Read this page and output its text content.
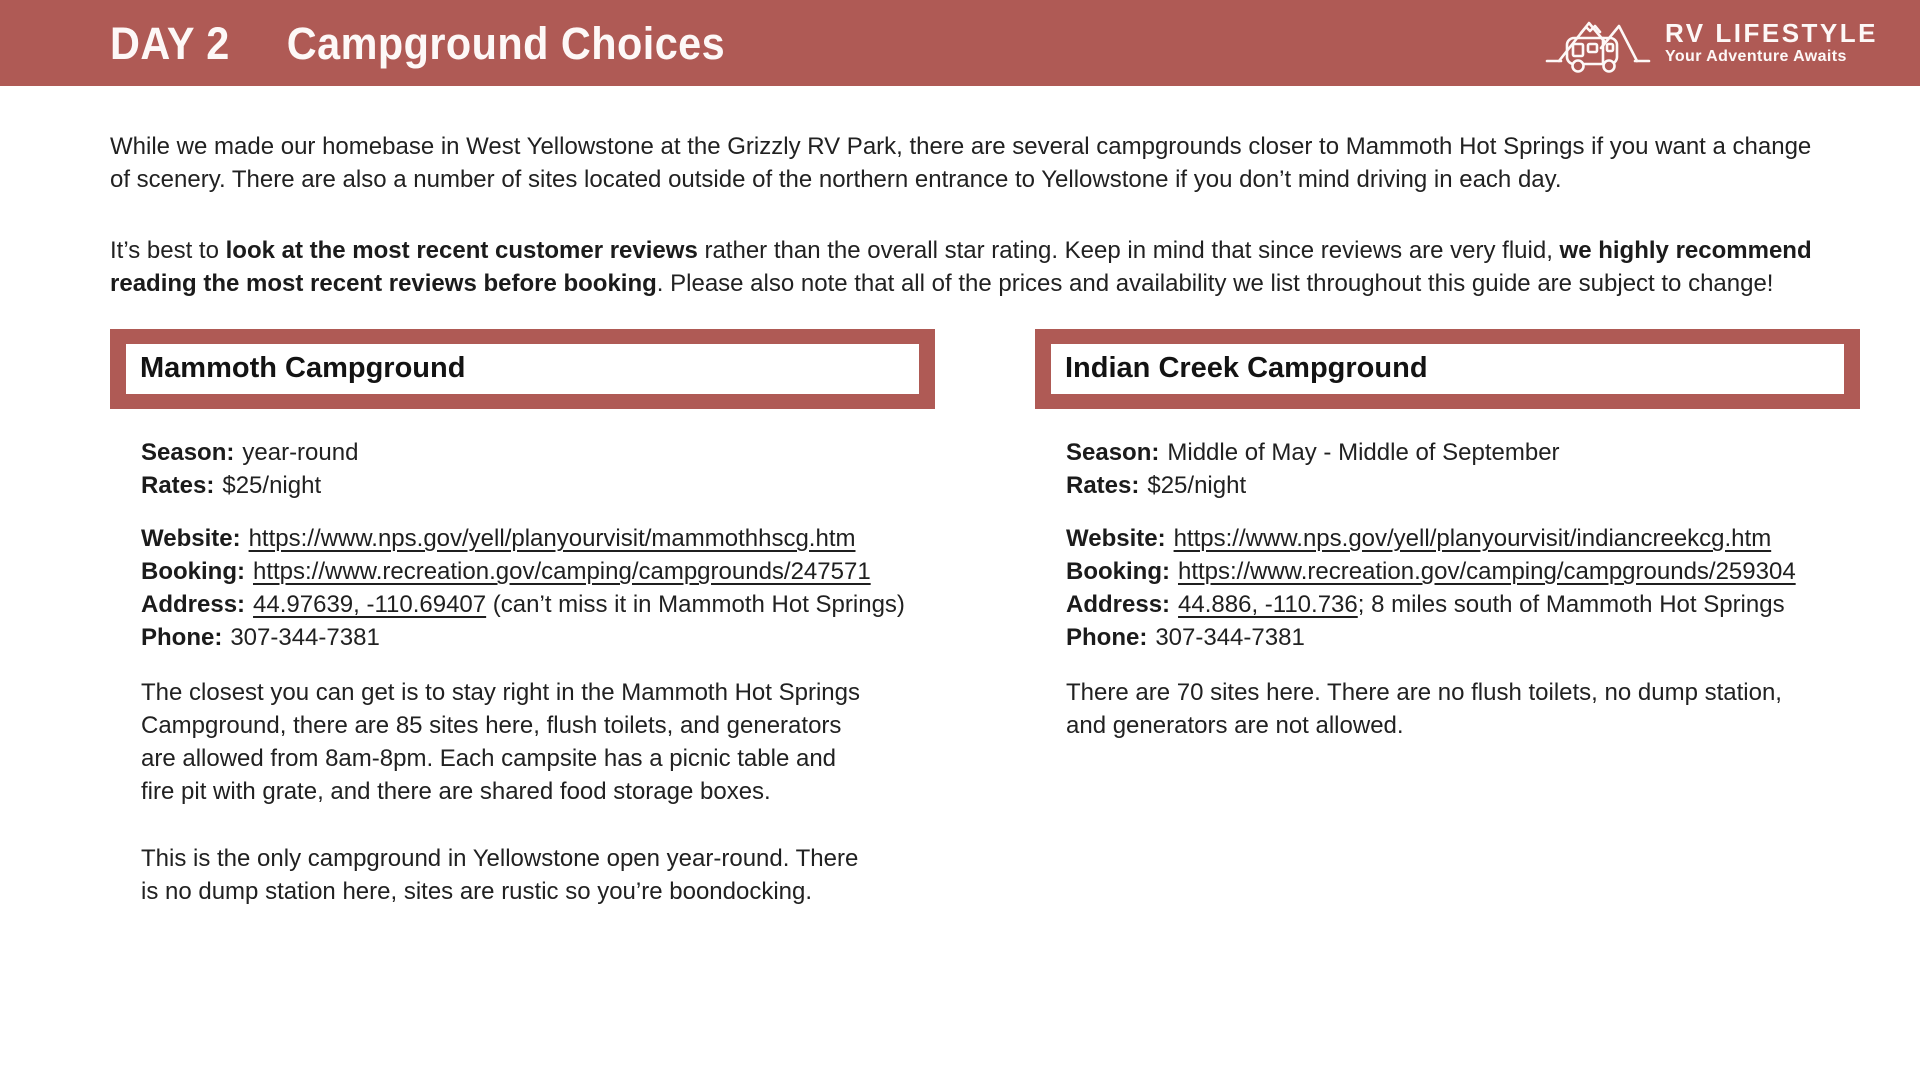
DAY 2 Campground Choices	RV LIFESTYLE
Your Adventure Awaits

While we made our homebase in West Yellowstone at the Grizzly RV Park, there are several campgrounds closer to Mammoth Hot Springs if you want a change of scenery. There are also a number of sites located outside of the northern entrance to Yellowstone if you don’t mind driving in each day.

It’s best to look at the most recent customer reviews rather than the overall star rating. Keep in mind that since reviews are very fluid, we highly recommend reading the most recent reviews before booking. Please also note that all of the prices and availability we list throughout this guide are subject to change!

Mammoth Campground
Season: year-round
Rates: $25/night
Website: https://www.nps.gov/yell/planyourvisit/mammothhscg.htm
Booking: https://www.recreation.gov/camping/campgrounds/247571
Address: 44.97639, -110.69407 (can’t miss it in Mammoth Hot Springs)
Phone: 307-344-7381

The closest you can get is to stay right in the Mammoth Hot Springs Campground, there are 85 sites here, flush toilets, and generators are allowed from 8am-8pm. Each campsite has a picnic table and fire pit with grate, and there are shared food storage boxes.

This is the only campground in Yellowstone open year-round. There is no dump station here, sites are rustic so you’re boondocking.

Indian Creek Campground
Season: Middle of May - Middle of September
Rates: $25/night
Website: https://www.nps.gov/yell/planyourvisit/indiancreekcg.htm
Booking: https://www.recreation.gov/camping/campgrounds/259304
Address: 44.886, -110.736; 8 miles south of Mammoth Hot Springs
Phone: 307-344-7381

There are 70 sites here. There are no flush toilets, no dump station, and generators are not allowed.
